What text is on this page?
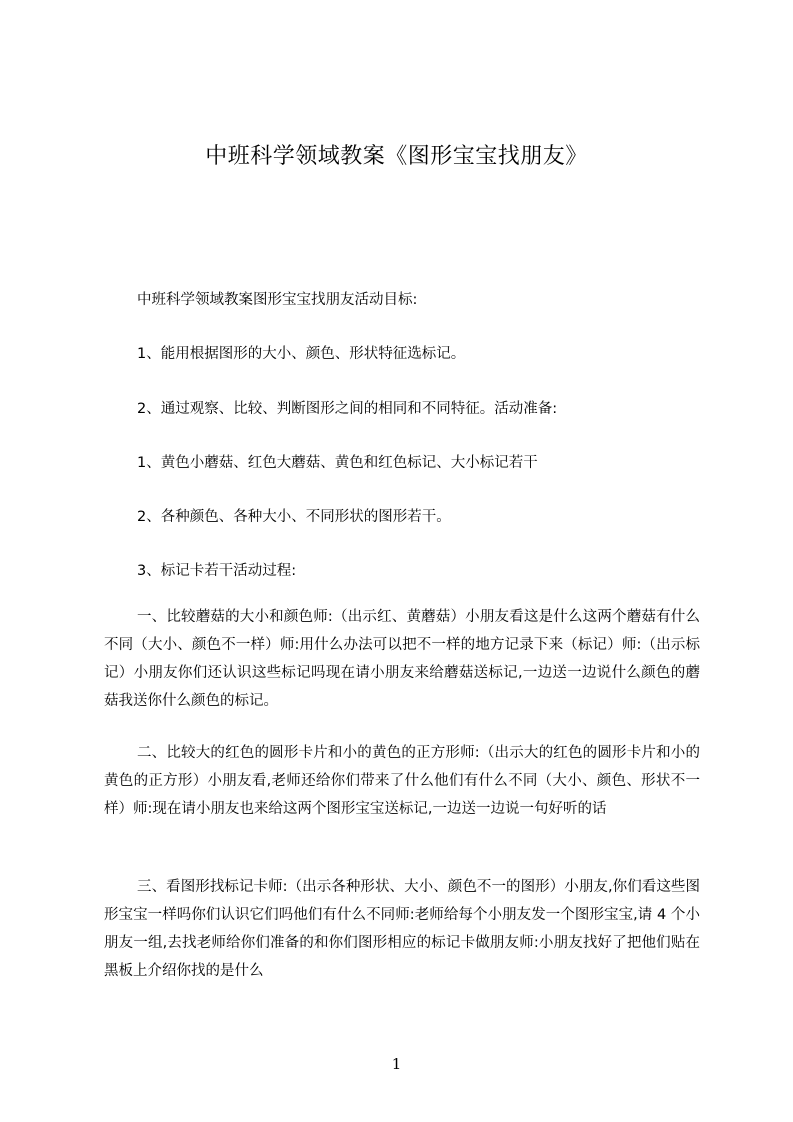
中班科学领域教案《图形宝宝找朋友》

中班科学领域教案图形宝宝找朋友活动目标:

1、能用根据图形的大小、颜色、形状特征选标记。

2、通过观察、比较、判断图形之间的相同和不同特征。活动准备:

1、黄色小蘑菇、红色大蘑菇、黄色和红色标记、大小标记若干

2、各种颜色、各种大小、不同形状的图形若干。

3、标记卡若干活动过程:

一、比较蘑菇的大小和颜色师:（出示红、黄蘑菇）小朋友看这是什么这两个蘑菇有什么不同（大小、颜色不一样）师:用什么办法可以把不一样的地方记录下来（标记）师:（出示标记）小朋友你们还认识这些标记吗现在请小朋友来给蘑菇送标记,一边送一边说什么颜色的蘑菇我送你什么颜色的标记。

二、比较大的红色的圆形卡片和小的黄色的正方形师:（出示大的红色的圆形卡片和小的黄色的正方形）小朋友看,老师还给你们带来了什么他们有什么不同（大小、颜色、形状不一样）师:现在请小朋友也来给这两个图形宝宝送标记,一边送一边说一句好听的话

三、看图形找标记卡师:（出示各种形状、大小、颜色不一的图形）小朋友,你们看这些图形宝宝一样吗你们认识它们吗他们有什么不同师:老师给每个小朋友发一个图形宝宝,请 4 个小朋友一组,去找老师给你们准备的和你们图形相应的标记卡做朋友师:小朋友找好了把他们贴在黑板上介绍你找的是什么

1
